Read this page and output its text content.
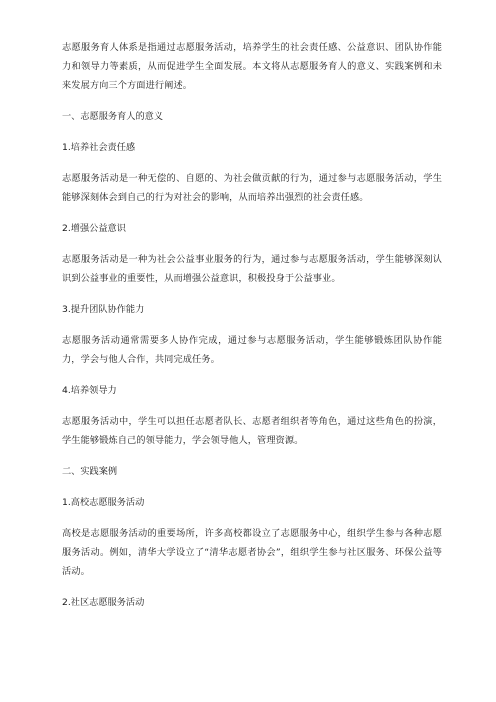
志愿服务育人体系是指通过志愿服务活动，培养学生的社会责任感、公益意识、团队协作能力和领导力等素质，从而促进学生全面发展。本文将从志愿服务育人的意义、实践案例和未来发展方向三个方面进行阐述。

一、志愿服务育人的意义

1.培养社会责任感

志愿服务活动是一种无偿的、自愿的、为社会做贡献的行为，通过参与志愿服务活动，学生能够深刻体会到自己的行为对社会的影响，从而培养出强烈的社会责任感。

2.增强公益意识

志愿服务活动是一种为社会公益事业服务的行为，通过参与志愿服务活动，学生能够深刻认识到公益事业的重要性，从而增强公益意识，积极投身于公益事业。

3.提升团队协作能力

志愿服务活动通常需要多人协作完成，通过参与志愿服务活动，学生能够锻炼团队协作能力，学会与他人合作，共同完成任务。

4.培养领导力

志愿服务活动中，学生可以担任志愿者队长、志愿者组织者等角色，通过这些角色的扮演，学生能够锻炼自己的领导能力，学会领导他人，管理资源。

二、实践案例

1.高校志愿服务活动

高校是志愿服务活动的重要场所，许多高校都设立了志愿服务中心，组织学生参与各种志愿服务活动。例如，清华大学设立了“清华志愿者协会”，组织学生参与社区服务、环保公益等活动。

2.社区志愿服务活动
